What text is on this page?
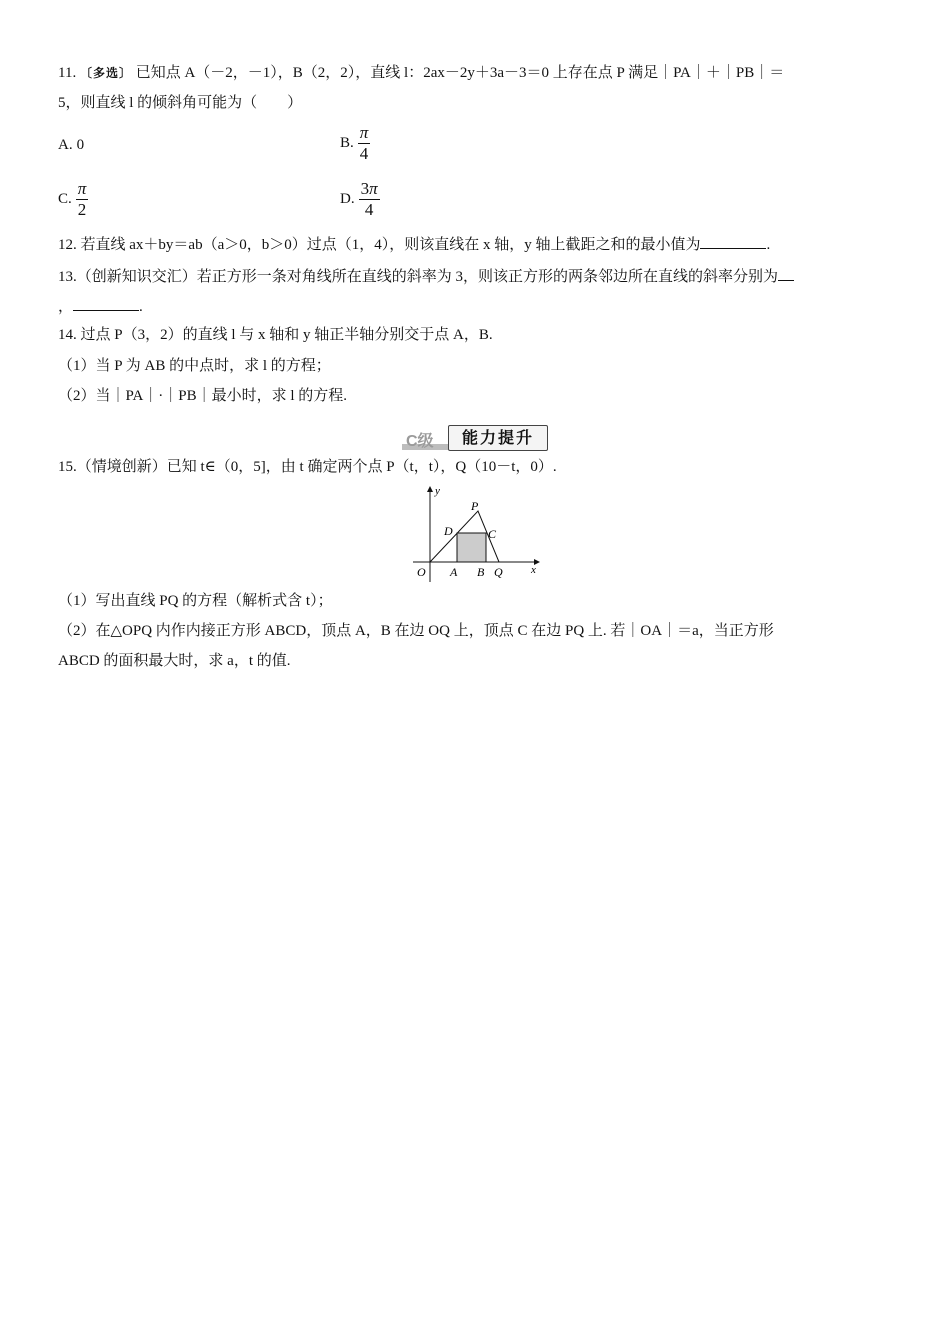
11. 〔多选〕 已知点 A（－2，－1），B（2，2），直线 l：2ax－2y＋3a－3＝0 上存在点 P 满足｜PA｜＋｜PB｜＝
5，则直线 l 的倾斜角可能为（　　）
A. 0	B. $\frac{\pi}{4}$
C. $\frac{\pi}{2}$	D. $\frac{3\pi}{4}$
12. 若直线 ax＋by＝ab（a＞0，b＞0）过点（1，4），则该直线在 x 轴，y 轴上截距之和的最小值为	.
13.（创新知识交汇）若正方形一条对角线所在直线的斜率为 3，则该正方形的两条邻边所在直线的斜率分别为
，	.
14. 过点 P（3，2）的直线 l 与 x 轴和 y 轴正半轴分别交于点 A，B.
（1）当 P 为 AB 的中点时，求 l 的方程；
（2）当｜PA｜·｜PB｜最小时，求 l 的方程.
C级	能力提升
15.（情境创新）已知 t∈（0，5]，由 t 确定两个点 P（t，t），Q（10－t，0）.
y
x
O A B Q
P
D	C
（1）写出直线 PQ 的方程（解析式含 t）；
（2）在△OPQ 内作内接正方形 ABCD，顶点 A，B 在边 OQ 上，顶点 C 在边 PQ 上. 若｜OA｜＝a，当正方形
ABCD 的面积最大时，求 a，t 的值.
